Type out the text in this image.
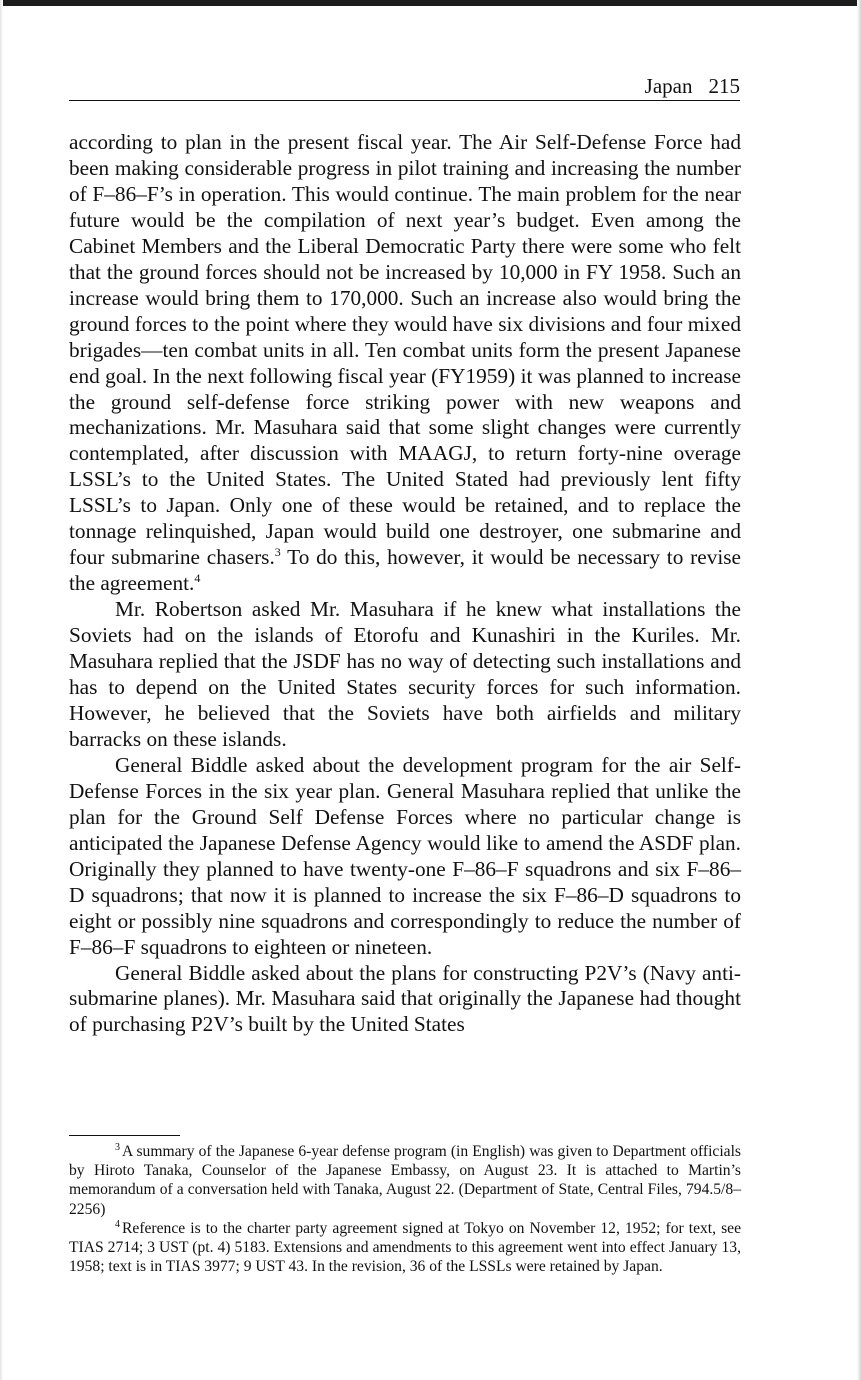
Japan 215

according to plan in the present fiscal year. The Air Self-Defense Force had been making considerable progress in pilot training and increasing the number of F–86–F’s in operation. This would continue. The main problem for the near future would be the compilation of next year’s budget. Even among the Cabinet Members and the Liberal Democratic Party there were some who felt that the ground forces should not be increased by 10,000 in FY 1958. Such an increase would bring them to 170,000. Such an increase also would bring the ground forces to the point where they would have six divisions and four mixed brigades—ten combat units in all. Ten combat units form the present Japanese end goal. In the next following fiscal year (FY1959) it was planned to increase the ground self-defense force striking power with new weapons and mechanizations. Mr. Masuhara said that some slight changes were currently contemplated, after discussion with MAAGJ, to return forty-nine overage LSSL’s to the United States. The United Stated had previously lent fifty LSSL’s to Japan. Only one of these would be retained, and to replace the tonnage relinquished, Japan would build one destroyer, one submarine and four submarine chasers.$^3$ To do this, however, it would be necessary to revise the agreement.$^4$

Mr. Robertson asked Mr. Masuhara if he knew what installations the Soviets had on the islands of Etorofu and Kunashiri in the Kuriles. Mr. Masuhara replied that the JSDF has no way of detecting such installations and has to depend on the United States security forces for such information. However, he believed that the Soviets have both airfields and military barracks on these islands.

General Biddle asked about the development program for the air Self-Defense Forces in the six year plan. General Masuhara replied that unlike the plan for the Ground Self Defense Forces where no particular change is anticipated the Japanese Defense Agency would like to amend the ASDF plan. Originally they planned to have twenty-one F–86–F squadrons and six F–86–D squadrons; that now it is planned to increase the six F–86–D squadrons to eight or possibly nine squadrons and correspondingly to reduce the number of F–86–F squadrons to eighteen or nineteen.

General Biddle asked about the plans for constructing P2V’s (Navy anti-submarine planes). Mr. Masuhara said that originally the Japanese had thought of purchasing P2V’s built by the United States

$^3$ A summary of the Japanese 6-year defense program (in English) was given to Department officials by Hiroto Tanaka, Counselor of the Japanese Embassy, on August 23. It is attached to Martin’s memorandum of a conversation held with Tanaka, August 22. (Department of State, Central Files, 794.5/8–2256)

$^4$ Reference is to the charter party agreement signed at Tokyo on November 12, 1952; for text, see TIAS 2714; 3 UST (pt. 4) 5183. Extensions and amendments to this agreement went into effect January 13, 1958; text is in TIAS 3977; 9 UST 43. In the revision, 36 of the LSSLs were retained by Japan.
